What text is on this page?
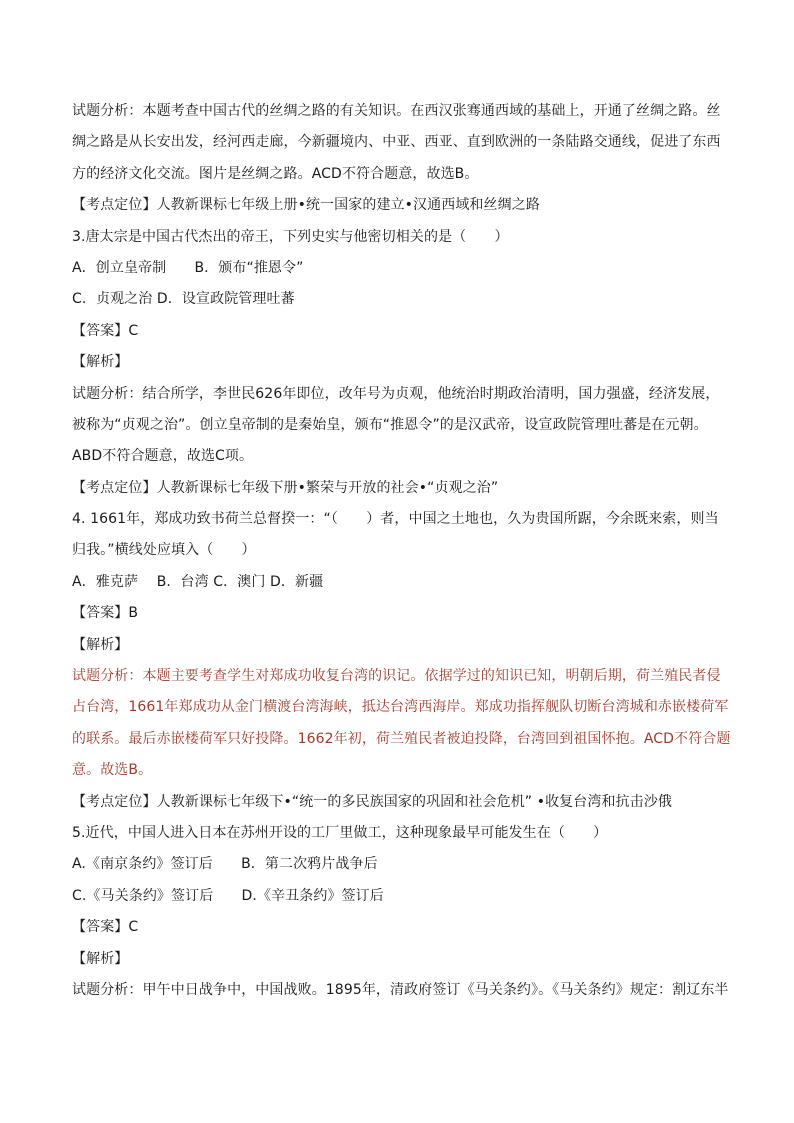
试题分析：本题考查中国古代的丝绸之路的有关知识。在西汉张骞通西域的基础上，开通了丝绸之路。丝
绸之路是从长安出发，经河西走廊，今新疆境内、中亚、西亚、直到欧洲的一条陆路交通线，促进了东西
方的经济文化交流。图片是丝绸之路。ACD不符合题意，故选B。
【考点定位】人教新课标七年级上册•统一国家的建立•汉通西域和丝绸之路
3.唐太宗是中国古代杰出的帝王，下列史实与他密切相关的是（　　）
A．创立皇帝制　　B．颁布“推恩令”
C．贞观之治 D．设宣政院管理吐蕃
【答案】C
【解析】
试题分析：结合所学，李世民626年即位，改年号为贞观，他统治时期政治清明，国力强盛，经济发展，
被称为“贞观之治”。创立皇帝制的是秦始皇，颁布“推恩令”的是汉武帝，设宣政院管理吐蕃是在元朝。
ABD不符合题意，故选C项。
【考点定位】人教新课标七年级下册•繁荣与开放的社会•“贞观之治”
4. 1661年，郑成功致书荷兰总督揆一：“（　　）者，中国之土地也，久为贵国所踞，今余既来索，则当
归我。”横线处应填入（　　）
A．雅克萨　 B．台湾 C．澳门 D．新疆
【答案】B
【解析】
试题分析：本题主要考查学生对郑成功收复台湾的识记。依据学过的知识已知，明朝后期，荷兰殖民者侵
占台湾，1661年郑成功从金门横渡台湾海峡，抵达台湾西海岸。郑成功指挥舰队切断台湾城和赤嵌楼荷军
的联系。最后赤嵌楼荷军只好投降。1662年初，荷兰殖民者被迫投降，台湾回到祖国怀抱。ACD不符合题
意。故选B。
【考点定位】人教新课标七年级下•“统一的多民族国家的巩固和社会危机” •收复台湾和抗击沙俄
5.近代，中国人进入日本在苏州开设的工厂里做工，这种现象最早可能发生在（　　）
A.《南京条约》签订后　　B．第二次鸦片战争后
C.《马关条约》签订后　　D.《辛丑条约》签订后
【答案】C
【解析】
试题分析：甲午中日战争中，中国战败。1895年，清政府签订《马关条约》。《马关条约》规定：割辽东半
